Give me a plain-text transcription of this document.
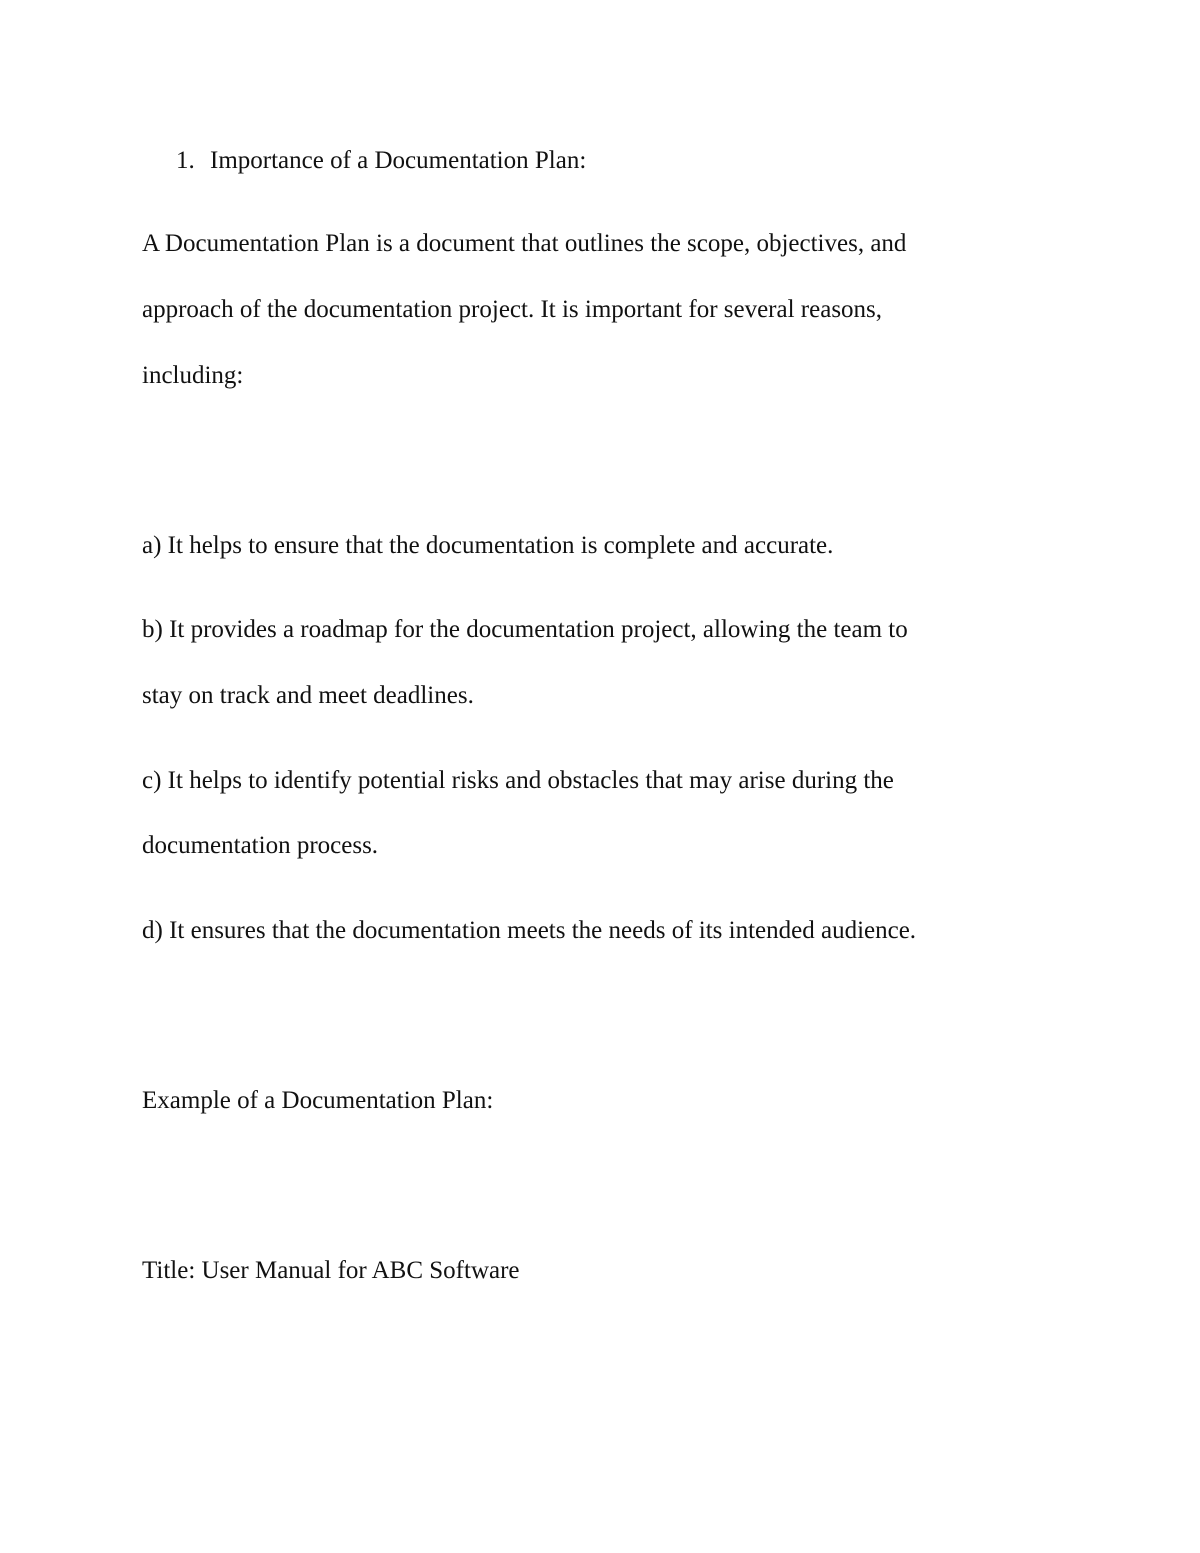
1. Importance of a Documentation Plan:

A Documentation Plan is a document that outlines the scope, objectives, and

approach of the documentation project. It is important for several reasons,

including:

a) It helps to ensure that the documentation is complete and accurate.

b) It provides a roadmap for the documentation project, allowing the team to

stay on track and meet deadlines.

c) It helps to identify potential risks and obstacles that may arise during the

documentation process.

d) It ensures that the documentation meets the needs of its intended audience.

Example of a Documentation Plan:

Title: User Manual for ABC Software
